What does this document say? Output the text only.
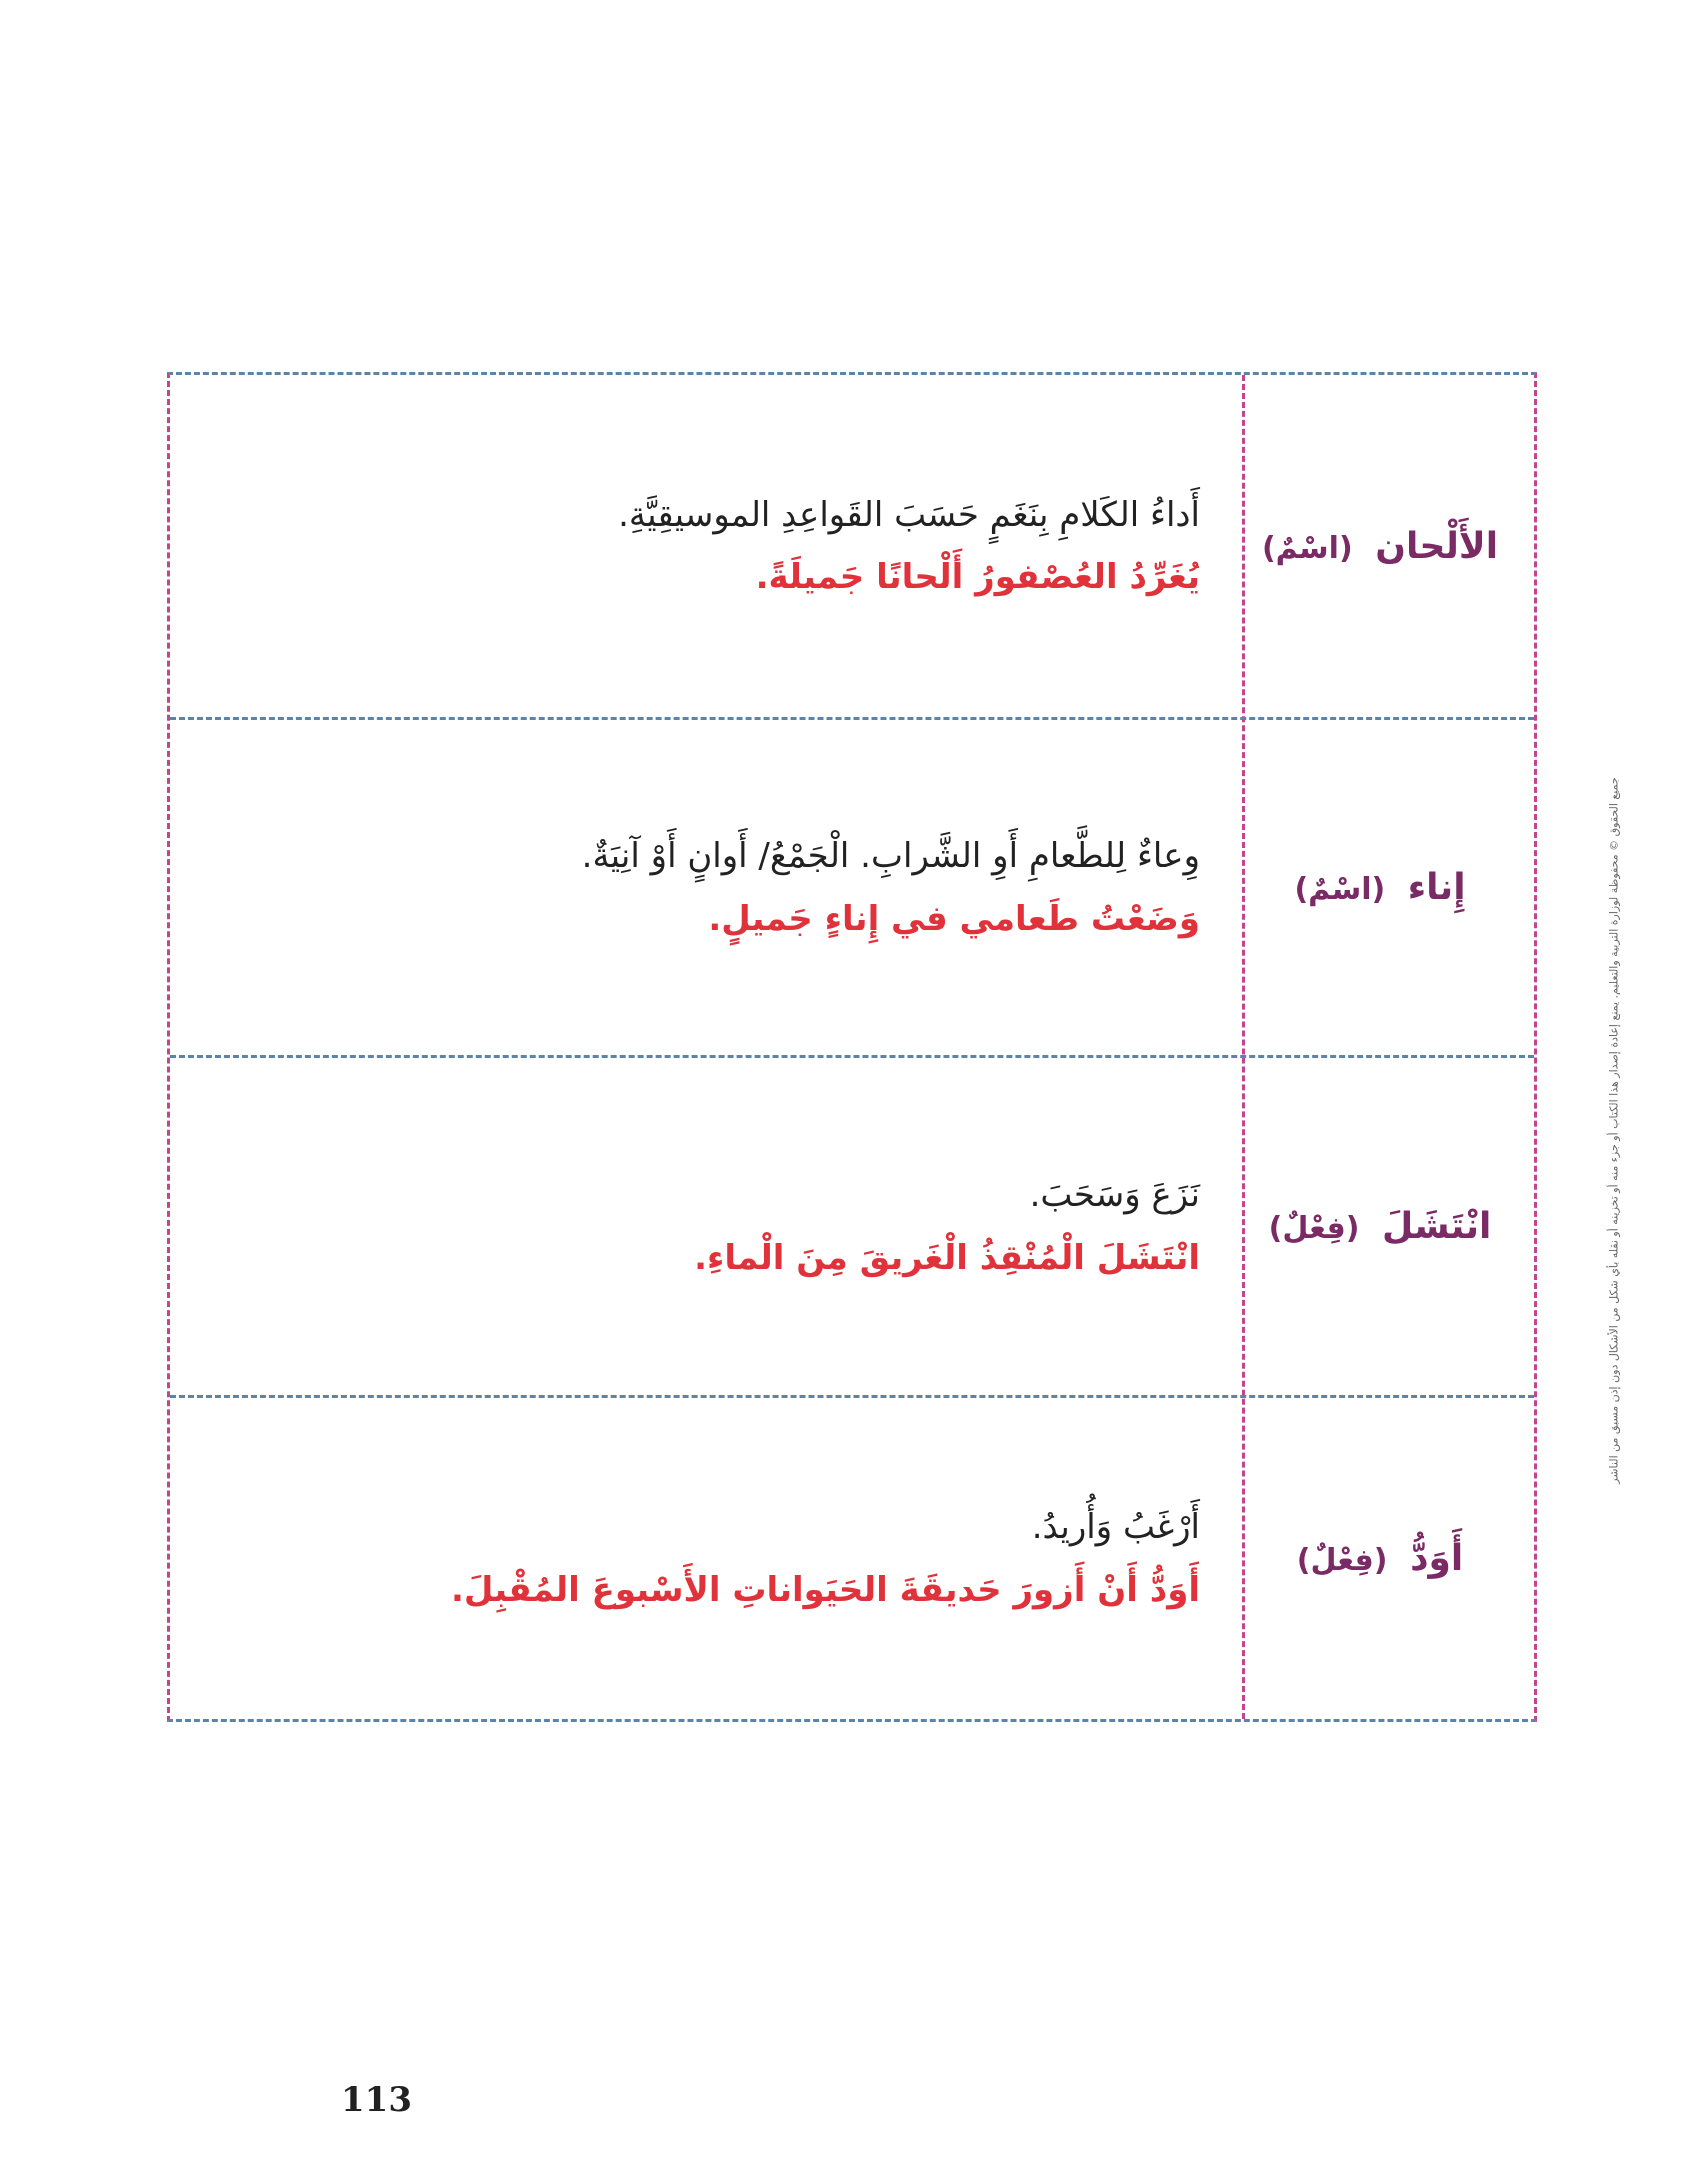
جميع الحقوق © محفوظة لوزارة التربية والتعليم. يمنع إعادة إصدار هذا الكتاب أو جزء منه أو تخزينه أو نقله بأي شكل من الأشكال دون إذن مسبق من الناشر
الأَلْحان (اسْمٌ)
أَداءُ الكَلامِ بِنَغَمٍ حَسَبَ القَواعِدِ الموسيقِيَّةِ.
يُغَرِّدُ العُصْفورُ أَلْحانًا جَميلَةً.
إِناء (اسْمٌ)
وِعاءٌ لِلطَّعامِ أَوِ الشَّرابِ. الْجَمْعُ/ أَوانٍ أَوْ آنِيَةٌ.
وَضَعْتُ طَعامي في إِناءٍ جَميلٍ.
انْتَشَلَ (فِعْلٌ)
نَزَعَ وَسَحَبَ.
انْتَشَلَ الْمُنْقِذُ الْغَريقَ مِنَ الْماءِ.
أَوَدُّ (فِعْلٌ)
أَرْغَبُ وَأُريدُ.
أَوَدُّ أَنْ أَزورَ حَديقَةَ الحَيَواناتِ الأَسْبوعَ المُقْبِلَ.
113
